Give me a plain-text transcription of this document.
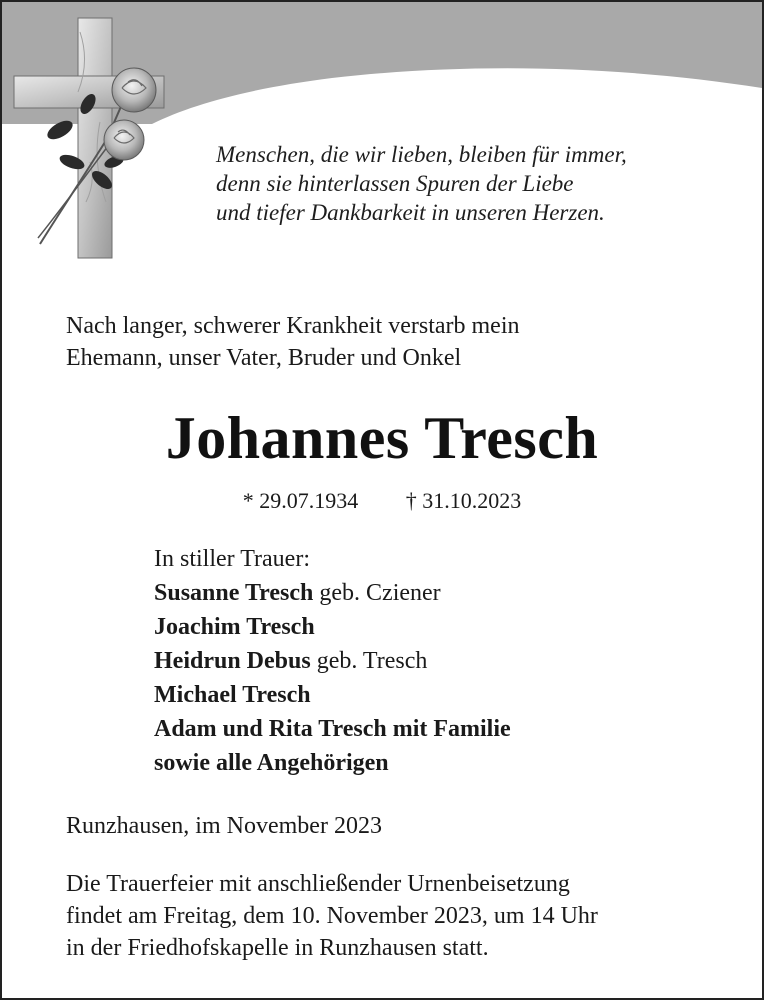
Menschen, die wir lieben, bleiben für immer,
denn sie hinterlassen Spuren der Liebe
und tiefer Dankbarkeit in unseren Herzen.
Nach langer, schwerer Krankheit verstarb mein
Ehemann, unser Vater, Bruder und Onkel
Johannes Tresch
* 29.07.1934 † 31.10.2023
In stiller Trauer:
Susanne Tresch geb. Cziener
Joachim Tresch
Heidrun Debus geb. Tresch
Michael Tresch
Adam und Rita Tresch mit Familie
sowie alle Angehörigen
Runzhausen, im November 2023
Die Trauerfeier mit anschließender Urnenbeisetzung
findet am Freitag, dem 10. November 2023, um 14 Uhr
in der Friedhofskapelle in Runzhausen statt.
